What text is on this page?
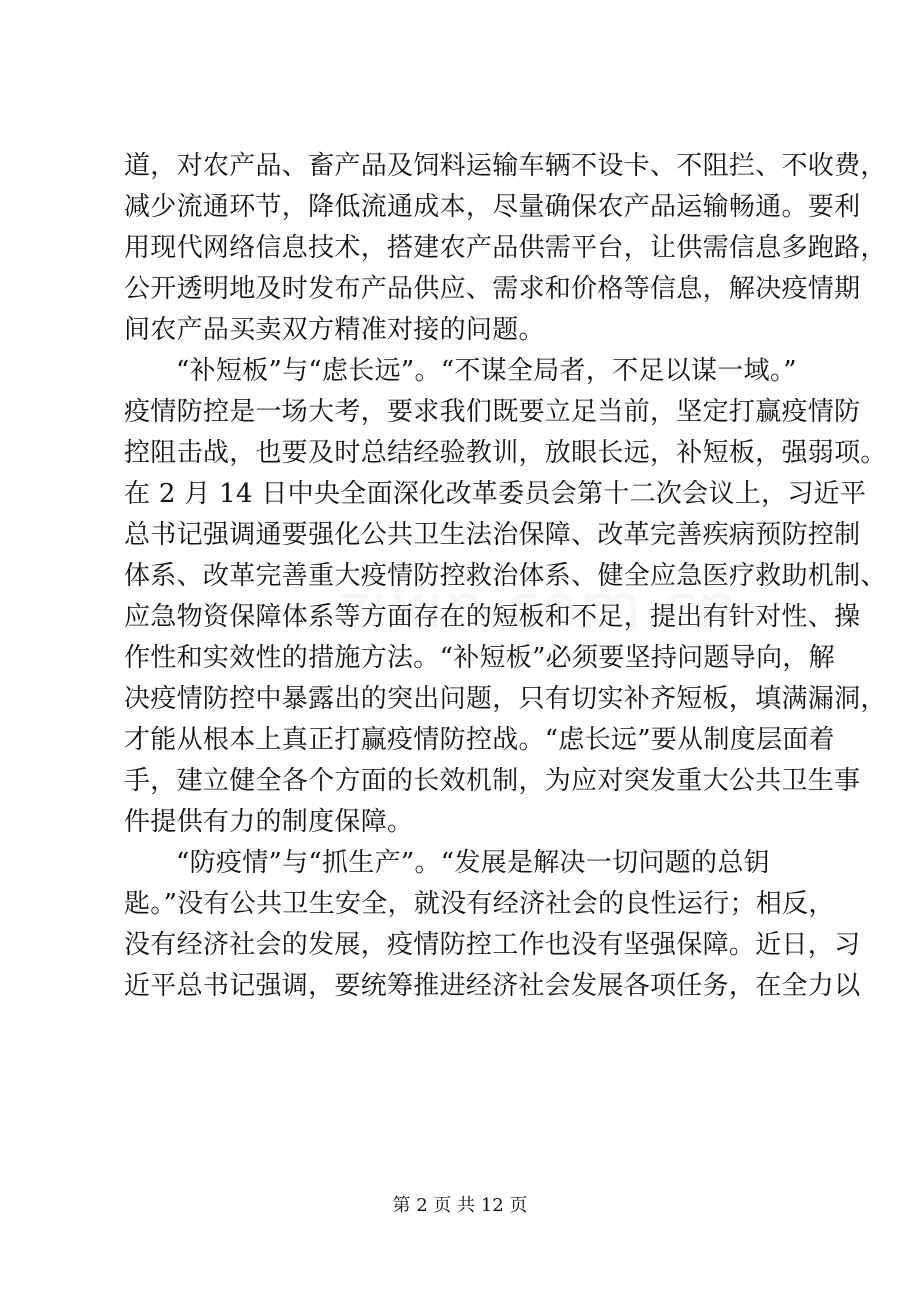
道，对农产品、畜产品及饲料运输车辆不设卡、不阻拦、不收费，
减少流通环节，降低流通成本，尽量确保农产品运输畅通。要利
用现代网络信息技术，搭建农产品供需平台，让供需信息多跑路，
公开透明地及时发布产品供应、需求和价格等信息，解决疫情期
间农产品买卖双方精准对接的问题。
“补短板”与“虑长远”。“不谋全局者，不足以谋一域。”
疫情防控是一场大考，要求我们既要立足当前，坚定打赢疫情防
控阻击战，也要及时总结经验教训，放眼长远，补短板，强弱项。
在 2 月 14 日中央全面深化改革委员会第十二次会议上，习近平
总书记强调通要强化公共卫生法治保障、改革完善疾病预防控制
体系、改革完善重大疫情防控救治体系、健全应急医疗救助机制、
应急物资保障体系等方面存在的短板和不足，提出有针对性、操
作性和实效性的措施方法。“补短板”必须要坚持问题导向，解
决疫情防控中暴露出的突出问题，只有切实补齐短板，填满漏洞，
才能从根本上真正打赢疫情防控战。“虑长远”要从制度层面着
手，建立健全各个方面的长效机制，为应对突发重大公共卫生事
件提供有力的制度保障。
“防疫情”与“抓生产”。“发展是解决一切问题的总钥
匙。”没有公共卫生安全，就没有经济社会的良性运行；相反，
没有经济社会的发展，疫情防控工作也没有坚强保障。近日，习
近平总书记强调，要统筹推进经济社会发展各项任务，在全力以
第 2 页 共 12 页
